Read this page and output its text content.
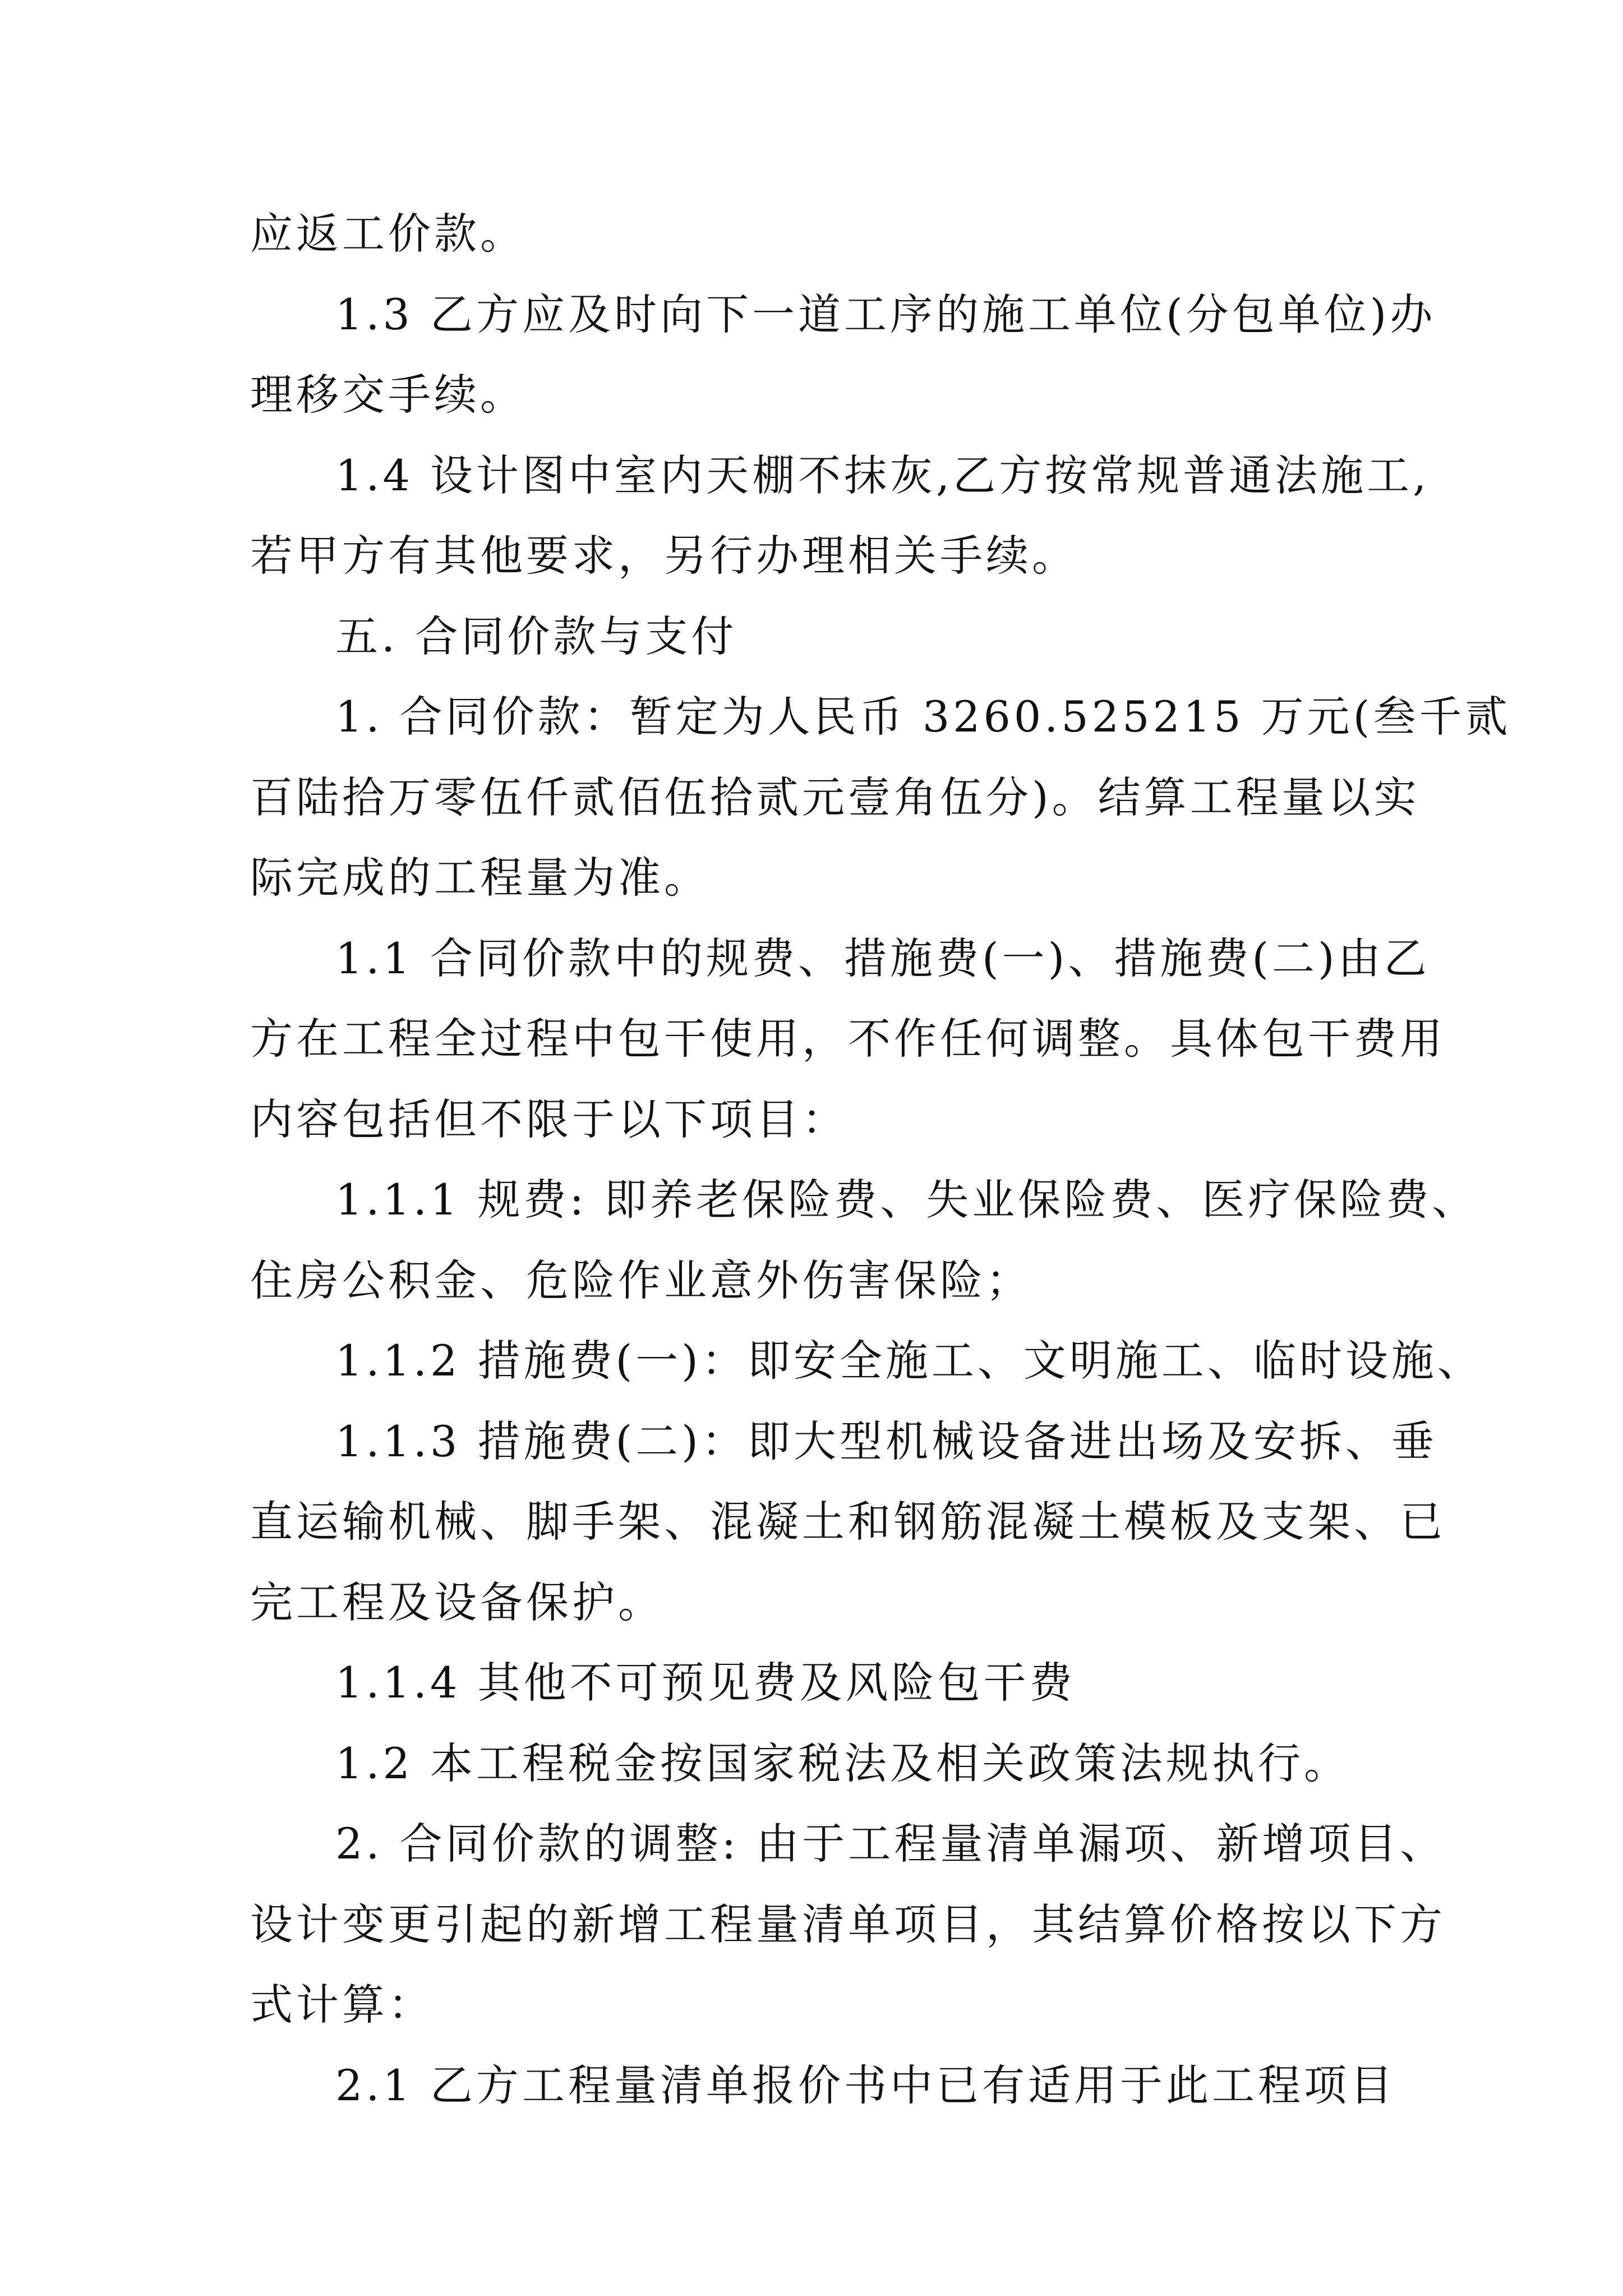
应返工价款。
1.3 乙方应及时向下一道工序的施工单位(分包单位)办
理移交手续。
1.4 设计图中室内天棚不抹灰,乙方按常规普通法施工,
若甲方有其他要求，另行办理相关手续。
五. 合同价款与支付
1. 合同价款：暂定为人民币 3260.525215 万元(叁千贰
百陆拾万零伍仟贰佰伍拾贰元壹角伍分)。结算工程量以实
际完成的工程量为准。
1.1 合同价款中的规费、措施费(一)、措施费(二)由乙
方在工程全过程中包干使用，不作任何调整。具体包干费用
内容包括但不限于以下项目：
1.1.1 规费: 即养老保险费、失业保险费、医疗保险费、
住房公积金、危险作业意外伤害保险；
1.1.2 措施费(一)：即安全施工、文明施工、临时设施、
1.1.3 措施费(二)：即大型机械设备进出场及安拆、垂
直运输机械、脚手架、混凝土和钢筋混凝土模板及支架、已
完工程及设备保护。
1.1.4 其他不可预见费及风险包干费
1.2 本工程税金按国家税法及相关政策法规执行。
2. 合同价款的调整: 由于工程量清单漏项、新增项目、
设计变更引起的新增工程量清单项目，其结算价格按以下方
式计算：
2.1 乙方工程量清单报价书中已有适用于此工程项目
